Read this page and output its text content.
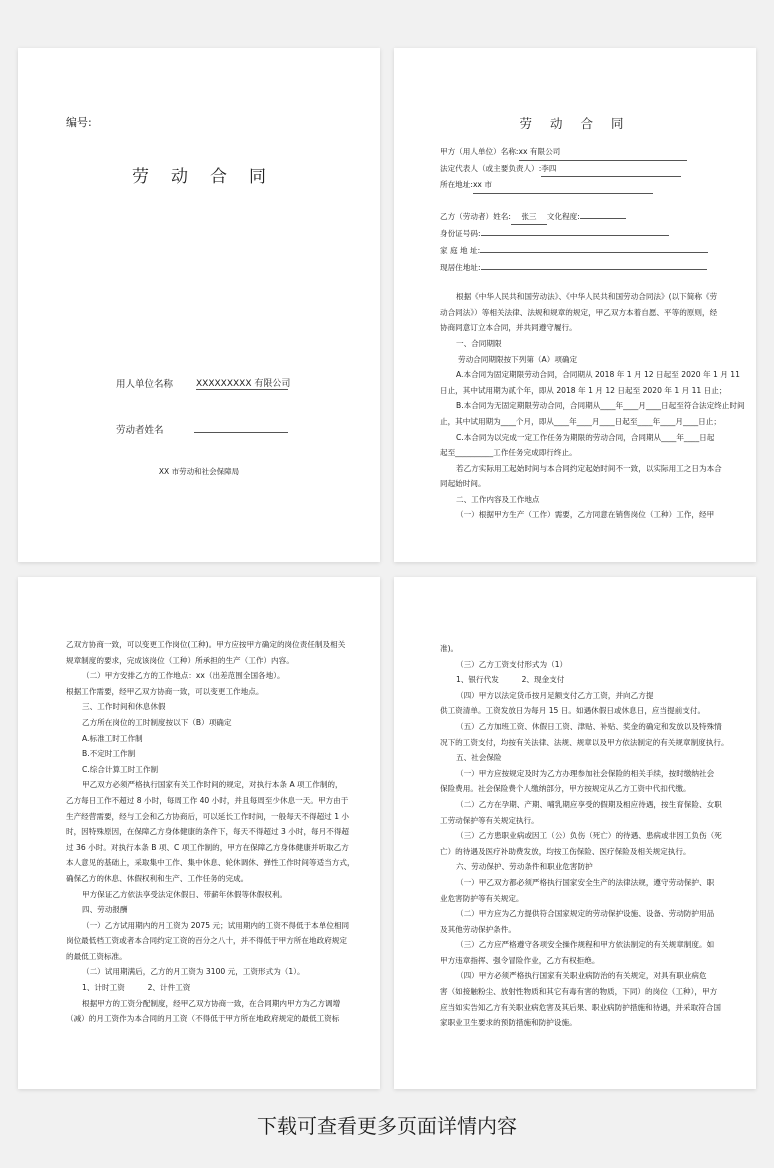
编号:
劳动合同
用人单位名称	XXXXXXXXX 有限公司
劳动者姓名
XX 市劳动和社会保障局
劳 动 合 同
甲方（用人单位）名称:xx 有限公司
法定代表人（或主要负责人）:李四
所在地址:xx 市
乙方（劳动者）姓名: 张三 文化程度:
身份证号码:
家 庭 地 址:
现居住地址:
根据《中华人民共和国劳动法》、《中华人民共和国劳动合同法》(以下简称《劳
动合同法》）等相关法律、法规和规章的规定，甲乙双方本着自愿、平等的原则，经
协商同意订立本合同，并共同遵守履行。
一、合同期限
劳动合同期限按下列第（A）项确定
A.本合同为固定期限劳动合同，合同期从 2018 年 1 月 12 日起至 2020 年 1 月 11
日止，其中试用期为贰个年，即从 2018 年 1 月 12 日起至 2020 年 1 月 11 日止；
B.本合同为无固定期限劳动合同，合同期从____年____月____日起至符合法定终止时间
止，其中试用期为____个月，即从____年____月____日起至____年____月____日止；
C.本合同为以完成一定工作任务为期限的劳动合同，合同期从____年____日起
起至__________工作任务完成即行终止。
若乙方实际用工起始时间与本合同约定起始时间不一致，以实际用工之日为本合
同起始时间。
二、工作内容及工作地点
（一）根据甲方生产（工作）需要，乙方同意在销售岗位（工种）工作，经甲
乙双方协商一致，可以变更工作岗位(工种)。甲方应按甲方确定的岗位责任制及相关
规章制度的要求，完成该岗位（工种）所承担的生产（工作）内容。
（二）甲方安排乙方的工作地点：xx（出差范围全国各地）。
根据工作需要，经甲乙双方协商一致，可以变更工作地点。
三、工作时间和休息休假
乙方所在岗位的工时制度按以下（B）项确定
A.标准工时工作制
B.不定时工作制
C.综合计算工时工作制
甲乙双方必须严格执行国家有关工作时间的规定，对执行本条 A 项工作制的，
乙方每日工作不超过 8 小时，每周工作 40 小时，并且每周至少休息一天。甲方由于
生产经营需要，经与工会和乙方协商后，可以延长工作时间，一般每天不得超过 1 小
时，因特殊原因，在保障乙方身体健康的条件下，每天不得超过 3 小时，每月不得超
过 36 小时。对执行本条 B 项、C 项工作制的，甲方在保障乙方身体健康并听取乙方
本人意见的基础上，采取集中工作、集中休息、轮休调休、弹性工作时间等适当方式，
确保乙方的休息、休假权利和生产、工作任务的完成。
甲方保证乙方依法享受法定休假日、带薪年休假等休假权利。
四、劳动报酬
（一）乙方试用期内的月工资为 2075 元；试用期内的工资不得低于本单位相同
岗位最低档工资或者本合同约定工资的百分之八十，并不得低于甲方所在地政府规定
的最低工资标准。
（二）试用期满后，乙方的月工资为 3100 元，工资形式为（1）。
1、计时工资　　　2、计件工资
根据甲方的工资分配制度，经甲乙双方协商一致，在合同期内甲方为乙方调增
（减）的月工资作为本合同的月工资（不得低于甲方所在地政府规定的最低工资标
准)。
（三）乙方工资支付形式为（1）
1、银行代发　　　2、现金支付
（四）甲方以法定货币按月足额支付乙方工资，并向乙方提
供工资清单。工资发放日为每月 15 日。如遇休假日或休息日，应当提前支付。
（五）乙方加班工资、休假日工资、津贴、补贴、奖金的确定和发放以及特殊情
况下的工资支付，均按有关法律、法规、规章以及甲方依法制定的有关规章制度执行。
五、社会保险
（一）甲方应按规定及时为乙方办理参加社会保险的相关手续，按时缴纳社会
保险费用。社会保险费个人缴纳部分，甲方按规定从乙方工资中代扣代缴。
（二）乙方在孕期、产期、哺乳期应享受的假期及相应待遇，按生育保险、女职
工劳动保护等有关规定执行。
（三）乙方患职业病或因工（公）负伤（死亡）的待遇、患病或非因工负伤（死
亡）的待遇及医疗补助费发放，均按工伤保险、医疗保险及相关规定执行。
六、劳动保护、劳动条件和职业危害防护
（一）甲乙双方都必须严格执行国家安全生产的法律法规，遵守劳动保护、职
业危害防护等有关规定。
（二）甲方应为乙方提供符合国家规定的劳动保护设施、设备、劳动防护用品
及其他劳动保护条件。
（三）乙方应严格遵守各项安全操作规程和甲方依法制定的有关规章制度。如
甲方违章指挥、强令冒险作业，乙方有权拒绝。
（四）甲方必须严格执行国家有关职业病防治的有关规定，对具有职业病危
害（如接触粉尘、放射性物质和其它有毒有害的物质，下同）的岗位（工种），甲方
应当如实告知乙方有关职业病危害及其后果、职业病防护措施和待遇，并采取符合国
家职业卫生要求的预防措施和防护设施。
下载可查看更多页面详情内容
